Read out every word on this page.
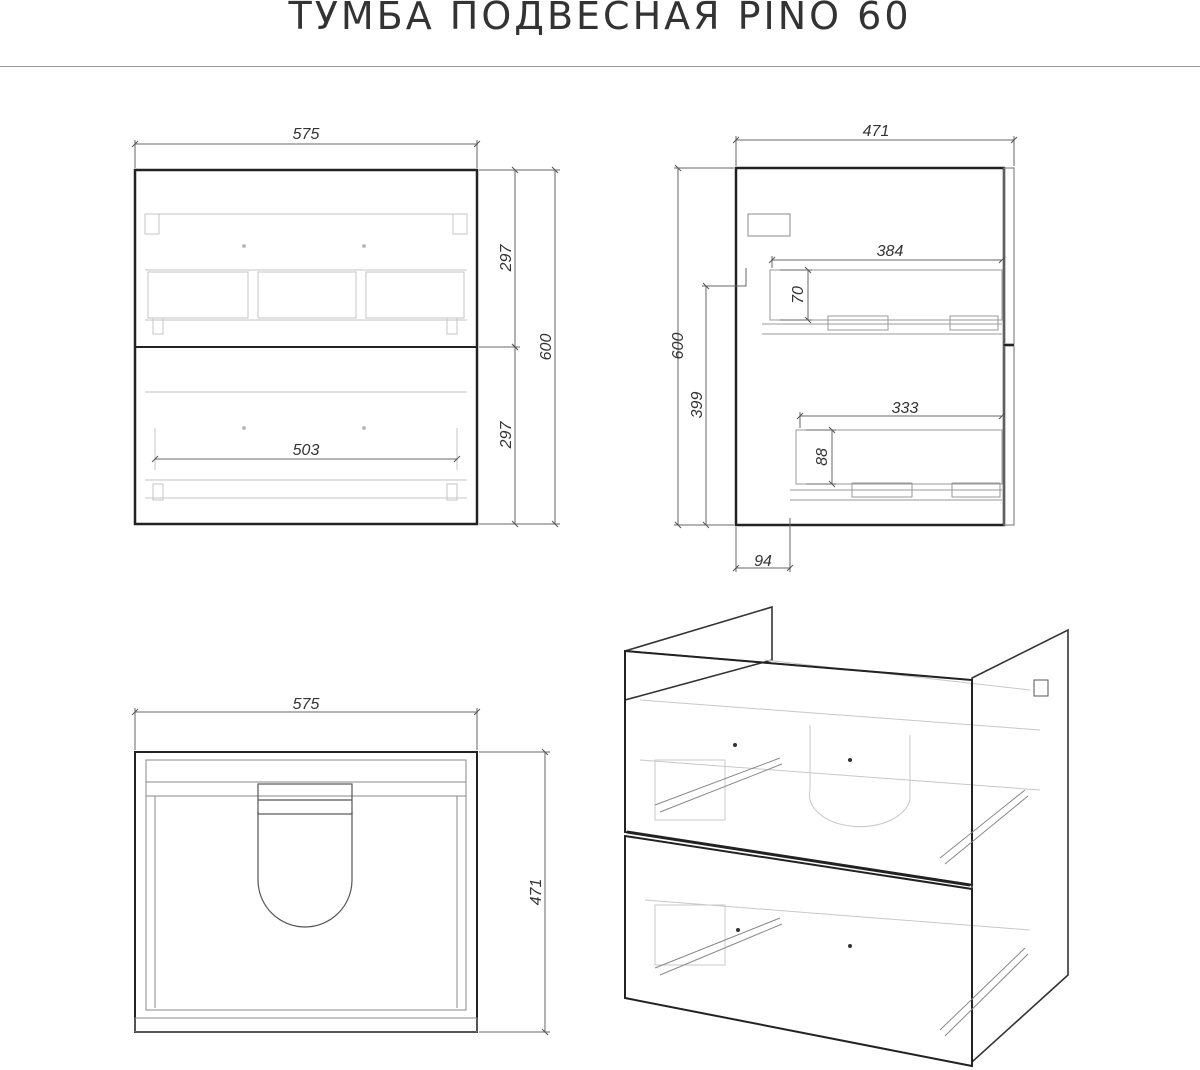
ТУМБА ПОДВЕСНАЯ PINO 60
575
503
297
297
600
471
384
70
333
88
600
399
94
575
471
